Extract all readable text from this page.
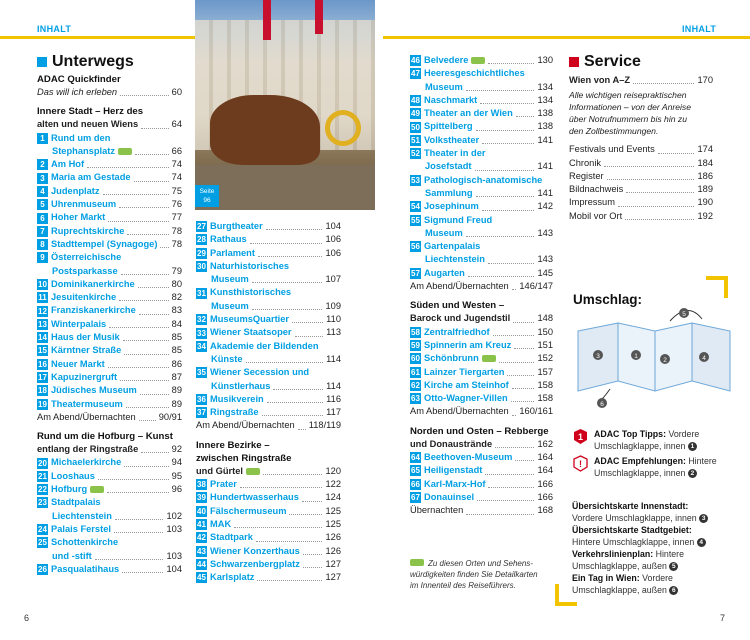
INHALT	INHALT
Unterwegs
ADAC Quickfinder
Das will ich erleben	60
Innere Stadt – Herz des
alten und neuen Wiens	64
1 Rund um den
Stephansplatz	66
2 Am Hof	74
3 Maria am Gestade	74
4 Judenplatz	75
5 Uhrenmuseum	76
6 Hoher Markt	77
7 Ruprechtskirche	78
8 Stadttempel (Synagoge) 78
9 Österreichische
Postsparkasse	79
10 Dominikanerkirche	80
11 Jesuitenkirche	82
12 Franziskanerkirche	83
13 Winterpalais	84
14 Haus der Musik	85
15 Kärntner Straße	85
16 Neuer Markt	86
17 Kapuzinergruft	87
18 Jüdisches Museum	89
19 Theatermuseum	89
Am Abend/Übernachten 90/91
Rund um die Hofburg – Kunst
entlang der Ringstraße	92
20 Michaelerkirche	94
21 Looshaus	95
22 Hofburg	96
23 Stadtpalais
Liechtenstein	102
24 Palais Ferstel	103
25 Schottenkirche
und -stift	103
26 Pasqualatihaus	104
Seite
96
27 Burgtheater	104
28 Rathaus	106
29 Parlament	106
30 Naturhistorisches
Museum	107
31 Kunsthistorisches
Museum	109
32 MuseumsQuartier	110
33 Wiener Staatsoper	113
34 Akademie der Bildenden
Künste	114
35 Wiener Secession und
Künstlerhaus	114
36 Musikverein	116
37 Ringstraße	117
Am Abend/Übernachten 118/119
Innere Bezirke –
zwischen Ringstraße
und Gürtel	120
38 Prater	122
39 Hundertwasserhaus	124
40 Fälschermuseum	125
41 MAK	125
42 Stadtpark	126
43 Wiener Konzerthaus	126
44 Schwarzenbergplatz	127
45 Karlsplatz	127
46 Belvedere	130
47 Heeresgeschichtliches
Museum	134
48 Naschmarkt	134
49 Theater an der Wien	138
50 Spittelberg	138
51 Volkstheater	141
52 Theater in der
Josefstadt	141
53 Pathologisch-anatomische
Sammlung	141
54 Josephinum	142
55 Sigmund Freud
Museum	143
56 Gartenpalais
Liechtenstein	143
57 Augarten	145
Am Abend/Übernachten 146/147
Süden und Westen –
Barock und Jugendstil	148
58 Zentralfriedhof	150
59 Spinnerin am Kreuz	151
60 Schönbrunn	152
61 Lainzer Tiergarten	157
62 Kirche am Steinhof	158
63 Otto-Wagner-Villen	158
Am Abend/Übernachten 160/161
Norden und Osten – Rebberge
und Donaustrände	162
64 Beethoven-Museum	164
65 Heiligenstadt	164
66 Karl-Marx-Hof	166
67 Donauinsel	166
Übernachten	168
Zu diesen Orten und Sehens-
würdigkeiten finden Sie Detailkarten
im Innenteil des Reiseführers.
Service
Wien von A–Z	170
Alle wichtigen reisepraktischen
Informationen – von der Anreise
über Notrufnummern bis hin zu
den Zollbestimmungen.
Festivals und Events	174
Chronik	184
Register	186
Bildnachweis	189
Impressum	190
Mobil vor Ort	192
Umschlag:
3	1
2	4
5
6
1 ADAC Top Tipps: Vordere
Umschlagklappe, innen 1
! ADAC Empfehlungen: Hintere
Umschlagklappe, innen 2
Übersichtskarte Innenstadt:
Vordere Umschlagklappe, innen 3
Übersichtskarte Stadtgebiet:
Hintere Umschlagklappe, innen 4
Verkehrslinienplan: Hintere
Umschlagklappe, außen 5
Ein Tag in Wien: Vordere
Umschlagklappe, außen 6
6	7
